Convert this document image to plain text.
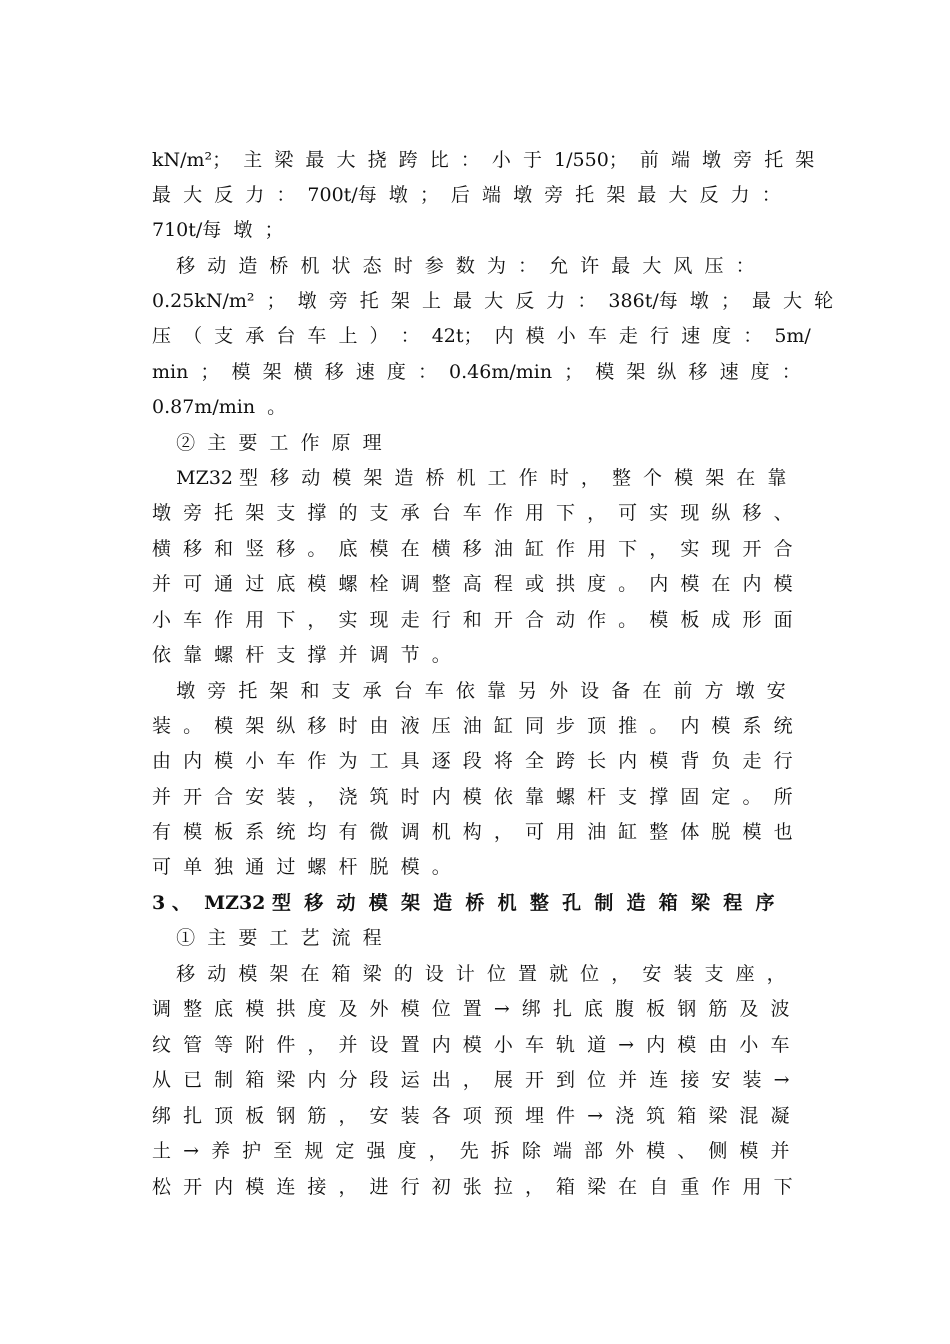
kN/m²；  主  梁  最  大  挠  跨  比  ：  小  于  1/550；  前  端  墩  旁  托  架
最  大  反  力  ：  700t/每  墩  ；  后  端  墩  旁  托  架  最  大  反  力  ：
710t/每  墩  ；
移  动  造  桥  机  状  态  时  参  数  为  ：  允  许  最  大  风  压  ：
0.25kN/m²  ；  墩  旁  托  架  上  最  大  反  力  ：  386t/每  墩  ；  最  大  轮
压  （  支  承  台  车  上  ）  ：  42t；  内  模  小  车  走  行  速  度  ：  5m/
min  ；  模  架  横  移  速  度  ：  0.46m/min  ；  模  架  纵  移  速  度  ：
0.87m/min  。
②  主  要  工  作  原  理
MZ32 型  移  动  模  架  造  桥  机  工  作  时  ，  整  个  模  架  在  靠
墩  旁  托  架  支  撑  的  支  承  台  车  作  用  下  ，  可  实  现  纵  移  、
横  移  和  竖  移  。  底  模  在  横  移  油  缸  作  用  下  ，  实  现  开  合
并  可  通  过  底  模  螺  栓  调  整  高  程  或  拱  度  。  内  模  在  内  模
小  车  作  用  下  ，  实  现  走  行  和  开  合  动  作  。  模  板  成  形  面
依  靠  螺  杆  支  撑  并  调  节  。
墩  旁  托  架  和  支  承  台  车  依  靠  另  外  设  备  在  前  方  墩  安
装  。  模  架  纵  移  时  由  液  压  油  缸  同  步  顶  推  。  内  模  系  统
由  内  模  小  车  作  为  工  具  逐  段  将  全  跨  长  内  模  背  负  走  行
并  开  合  安  装  ，  浇  筑  时  内  模  依  靠  螺  杆  支  撑  固  定  。  所
有  模  板  系  统  均  有  微  调  机  构  ，  可  用  油  缸  整  体  脱  模  也
可  单  独  通  过  螺  杆  脱  模  。
3 、  MZ32 型  移  动  模  架  造  桥  机  整  孔  制  造  箱  梁  程  序
①  主  要  工  艺  流  程
移  动  模  架  在  箱  梁  的  设  计  位  置  就  位  ，  安  装  支  座  ，
调  整  底  模  拱  度  及  外  模  位  置  →  绑  扎  底  腹  板  钢  筋  及  波
纹  管  等  附  件  ，  并  设  置  内  模  小  车  轨  道  →  内  模  由  小  车
从  已  制  箱  梁  内  分  段  运  出  ，  展  开  到  位  并  连  接  安  装  →
绑  扎  顶  板  钢  筋  ，  安  装  各  项  预  埋  件  →  浇  筑  箱  梁  混  凝
土  →  养  护  至  规  定  强  度  ，  先  拆  除  端  部  外  模  、  侧  模  并
松  开  内  模  连  接  ，  进  行  初  张  拉  ，  箱  梁  在  自  重  作  用  下
